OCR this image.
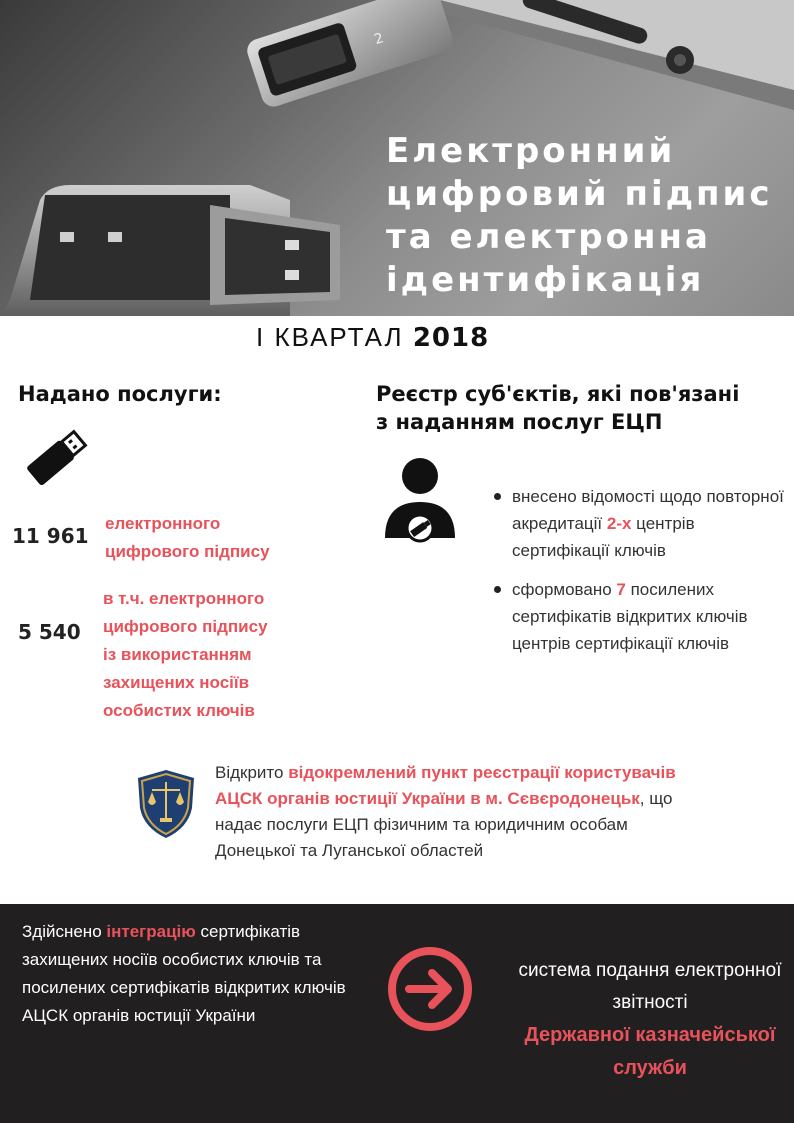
2
Електронний
цифровий підпис
та електронна
ідентифікація
І КВАРТАЛ 2018
Надано послуги:
11 961
електронного
цифрового підпису
5 540
в т.ч. електронного
цифрового підпису
із використанням
захищених носіїв
особистих ключів
Реєстр суб'єктів, які пов'язані
з наданням послуг ЕЦП
внесено відомості щодо повторної акредитації 2-х центрів сертифікації ключів
сформовано 7 посилених сертифікатів відкритих ключів центрів сертифікації ключів

Відкрито відокремлений пункт реєстрації користувачів АЦСК органів юстиції України в м. Сєвєродонецьк, що надає послуги ЕЦП фізичним та юридичним особам Донецької та Луганської областей

Здійснено інтеграцію сертифікатів захищених носіїв особистих ключів та посилених сертифікатів відкритих ключів АЦСК органів юстиції України

система подання електронної звітності
Державної казначейської служби
